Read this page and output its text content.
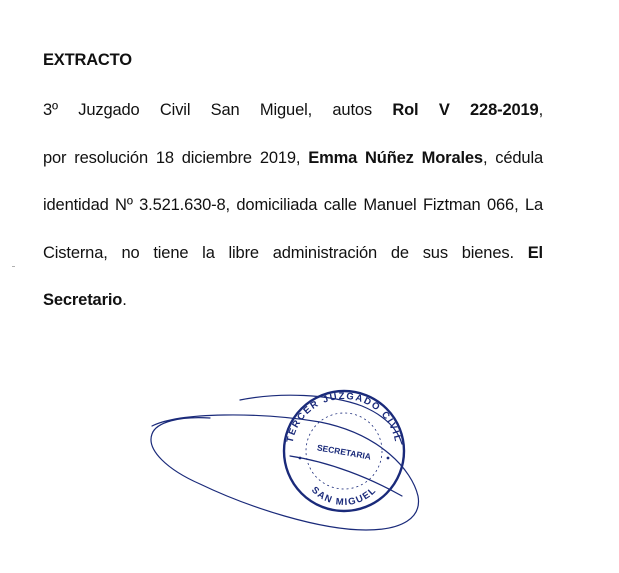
EXTRACTO

3º Juzgado Civil San Miguel, autos Rol V 228-2019,
por resolución 18 diciembre 2019, Emma Núñez Morales, cédula
identidad Nº 3.521.630-8, domiciliada calle Manuel Fiztman 066, La
Cisterna, no tiene la libre administración de sus bienes. El
Secretario.

TERCER JUZGADO CIVIL
SECRETARIA
SAN MIGUEL
